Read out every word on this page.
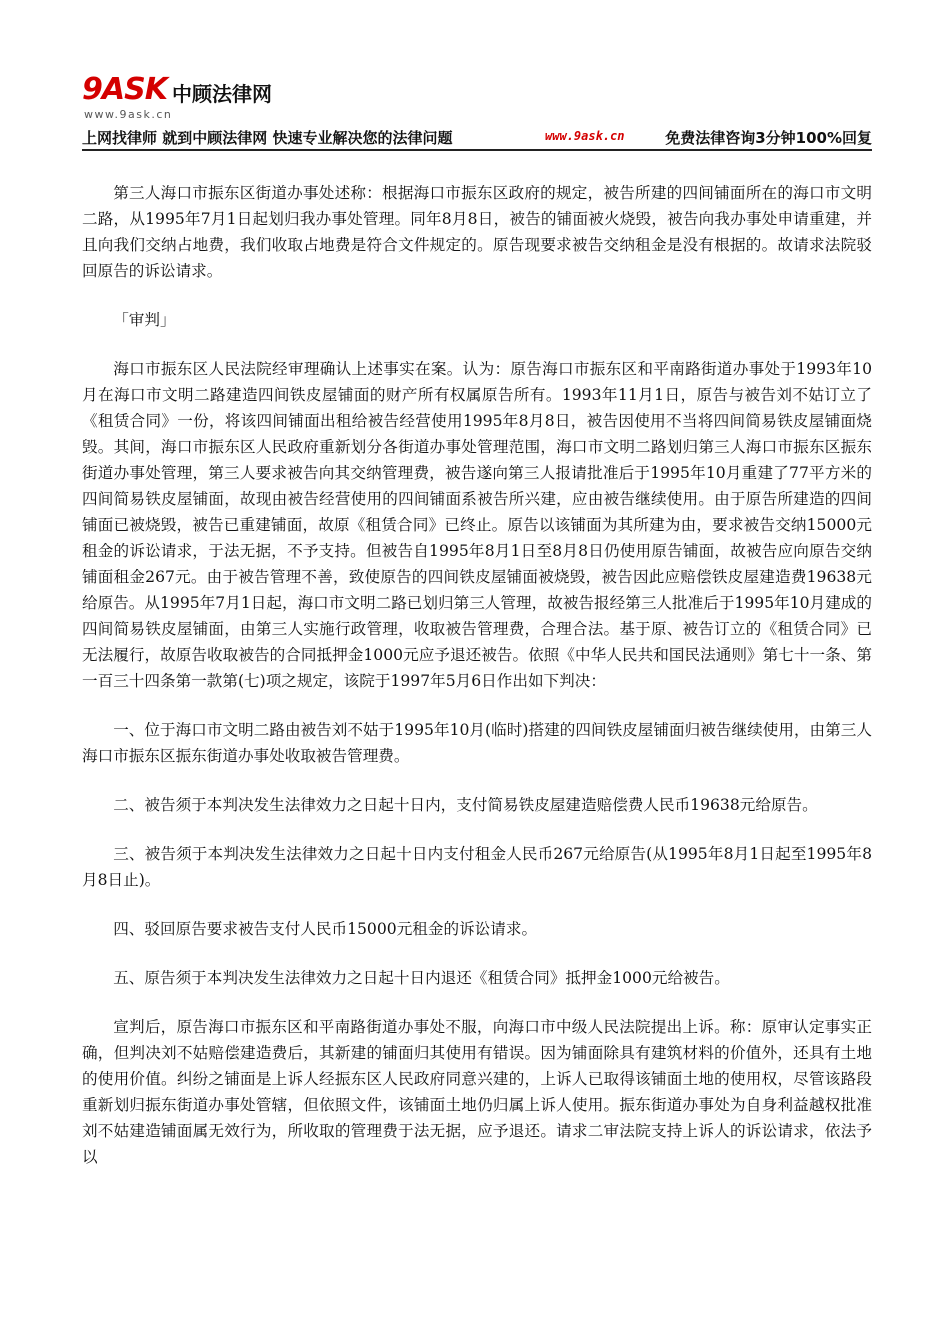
9ASK 中顾法律网
www.9ask.cn
上网找律师 就到中顾法律网 快速专业解决您的法律问题	www.9ask.cn	免费法律咨询3分钟100%回复

第三人海口市振东区街道办事处述称：根据海口市振东区政府的规定，被告所建的四间铺面所在的海口市文明二路，从1995年7月1日起划归我办事处管理。同年8月8日，被告的铺面被火烧毁，被告向我办事处申请重建，并且向我们交纳占地费，我们收取占地费是符合文件规定的。原告现要求被告交纳租金是没有根据的。故请求法院驳回原告的诉讼请求。

「审判」

海口市振东区人民法院经审理确认上述事实在案。认为：原告海口市振东区和平南路街道办事处于1993年10月在海口市文明二路建造四间铁皮屋铺面的财产所有权属原告所有。1993年11月1日，原告与被告刘不姑订立了《租赁合同》一份，将该四间铺面出租给被告经营使用1995年8月8日，被告因使用不当将四间简易铁皮屋铺面烧毁。其间，海口市振东区人民政府重新划分各街道办事处管理范围，海口市文明二路划归第三人海口市振东区振东街道办事处管理，第三人要求被告向其交纳管理费，被告遂向第三人报请批准后于1995年10月重建了77平方米的四间简易铁皮屋铺面，故现由被告经营使用的四间铺面系被告所兴建，应由被告继续使用。由于原告所建造的四间铺面已被烧毁，被告已重建铺面，故原《租赁合同》已终止。原告以该铺面为其所建为由，要求被告交纳15000元租金的诉讼请求，于法无据，不予支持。但被告自1995年8月1日至8月8日仍使用原告铺面，故被告应向原告交纳铺面租金267元。由于被告管理不善，致使原告的四间铁皮屋铺面被烧毁，被告因此应赔偿铁皮屋建造费19638元给原告。从1995年7月1日起，海口市文明二路已划归第三人管理，故被告报经第三人批准后于1995年10月建成的四间简易铁皮屋铺面，由第三人实施行政管理，收取被告管理费，合理合法。基于原、被告订立的《租赁合同》已无法履行，故原告收取被告的合同抵押金1000元应予退还被告。依照《中华人民共和国民法通则》第七十一条、第一百三十四条第一款第(七)项之规定，该院于1997年5月6日作出如下判决：

一、位于海口市文明二路由被告刘不姑于1995年10月(临时)搭建的四间铁皮屋铺面归被告继续使用，由第三人海口市振东区振东街道办事处收取被告管理费。

二、被告须于本判决发生法律效力之日起十日内，支付简易铁皮屋建造赔偿费人民币19638元给原告。

三、被告须于本判决发生法律效力之日起十日内支付租金人民币267元给原告(从1995年8月1日起至1995年8月8日止)。

四、驳回原告要求被告支付人民币15000元租金的诉讼请求。

五、原告须于本判决发生法律效力之日起十日内退还《租赁合同》抵押金1000元给被告。

宣判后，原告海口市振东区和平南路街道办事处不服，向海口市中级人民法院提出上诉。称：原审认定事实正确，但判决刘不姑赔偿建造费后，其新建的铺面归其使用有错误。因为铺面除具有建筑材料的价值外，还具有土地的使用价值。纠纷之铺面是上诉人经振东区人民政府同意兴建的，上诉人已取得该铺面土地的使用权，尽管该路段重新划归振东街道办事处管辖，但依照文件，该铺面土地仍归属上诉人使用。振东街道办事处为自身利益越权批准刘不姑建造铺面属无效行为，所收取的管理费于法无据，应予退还。请求二审法院支持上诉人的诉讼请求，依法予以
